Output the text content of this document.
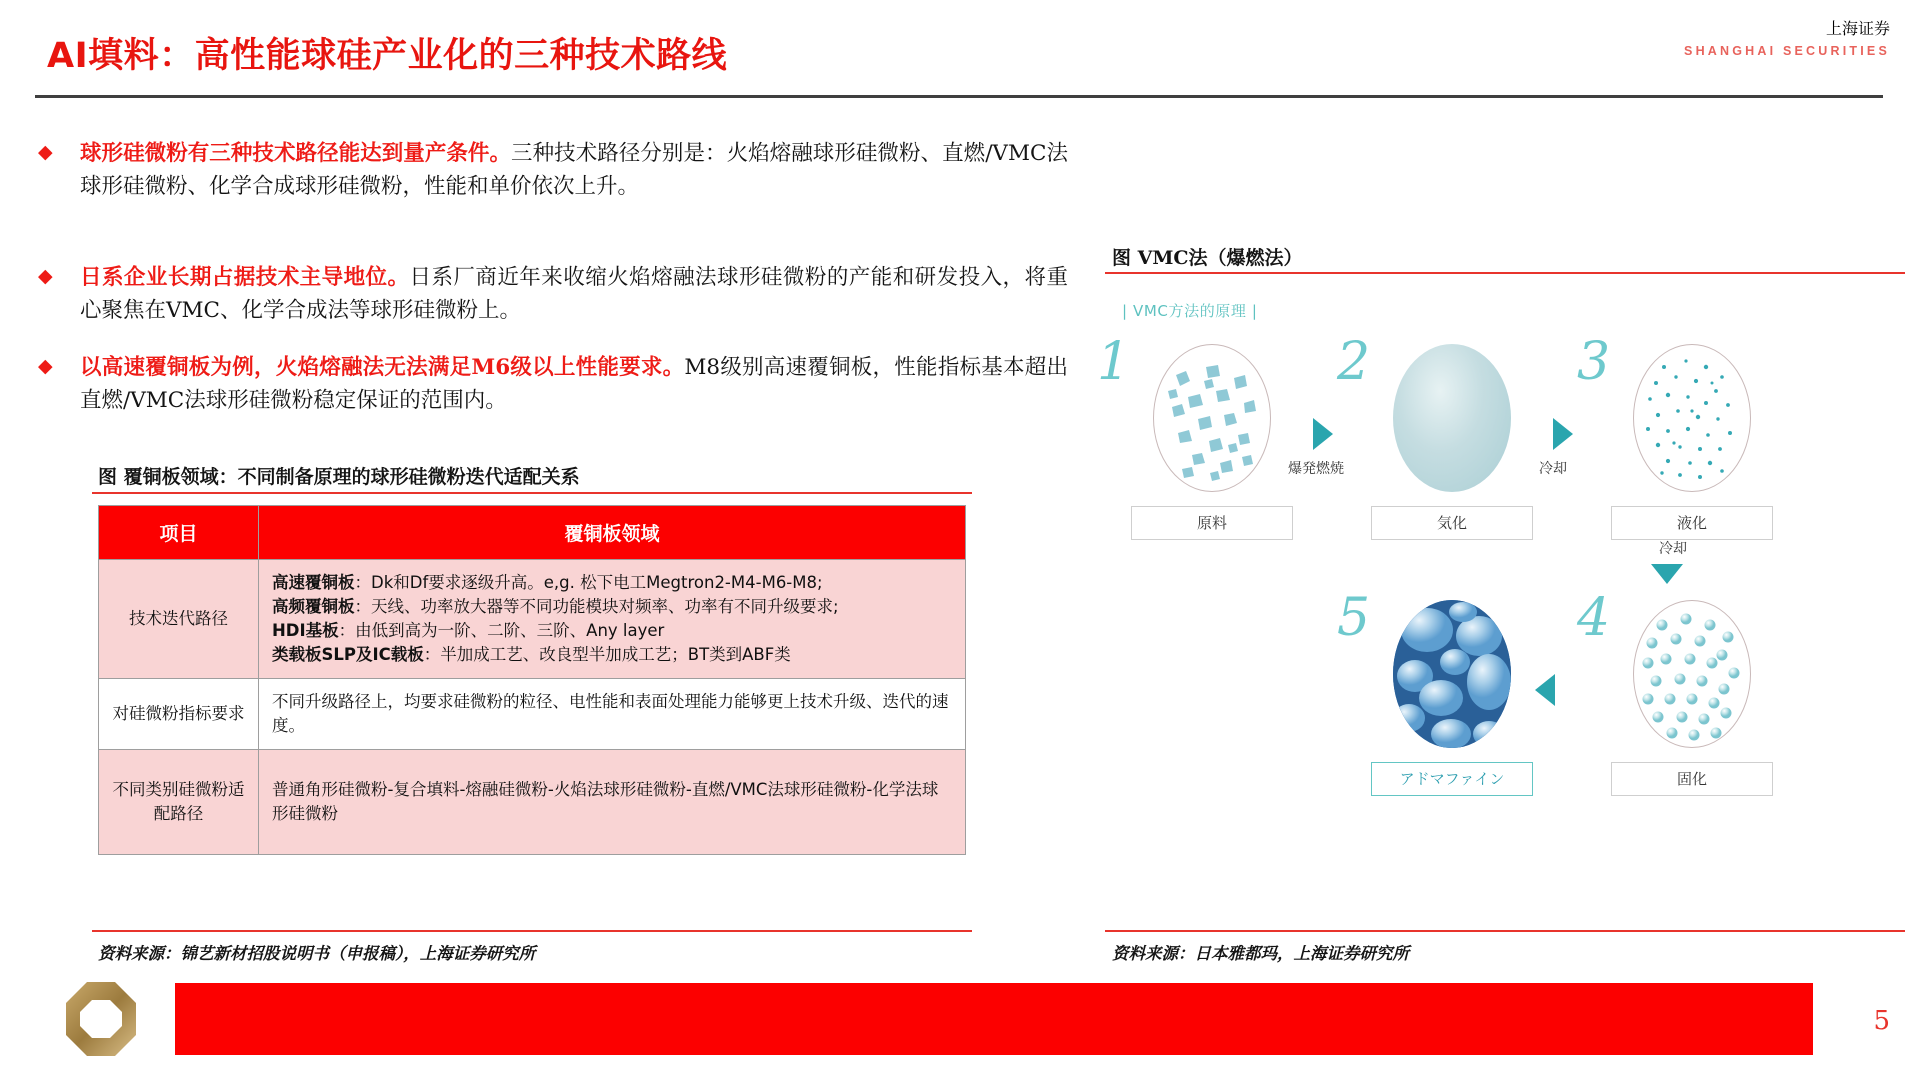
AI填料：高性能球硅产业化的三种技术路线
上海证券
SHANGHAI SECURITIES
◆	球形硅微粉有三种技术路径能达到量产条件。三种技术路径分别是：火焰熔融球形硅微粉、直燃/VMC法球形硅微粉、化学合成球形硅微粉，性能和单价依次上升。
◆	日系企业长期占据技术主导地位。日系厂商近年来收缩火焰熔融法球形硅微粉的产能和研发投入，将重心聚焦在VMC、化学合成法等球形硅微粉上。
◆	以高速覆铜板为例，火焰熔融法无法满足M6级以上性能要求。M8级别高速覆铜板，性能指标基本超出直燃/VMC法球形硅微粉稳定保证的范围内。
图 覆铜板领域：不同制备原理的球形硅微粉迭代适配关系
项目	覆铜板领域
技术迭代路径	高速覆铜板：Dk和Df要求逐级升高。e,g. 松下电工Megtron2-M4-M6-M8;
高频覆铜板：天线、功率放大器等不同功能模块对频率、功率有不同升级要求;
HDI基板：由低到高为一阶、二阶、三阶、Any layer
类载板SLP及IC载板：半加成工艺、改良型半加成工艺；BT类到ABF类

对硅微粉指标要求	不同升级路径上，均要求硅微粉的粒径、电性能和表面处理能力能够更上技术升级、迭代的速度。

不同类别硅微粉适配路径	普通角形硅微粉-复合填料-熔融硅微粉-火焰法球形硅微粉-直燃/VMC法球形硅微粉-化学法球形硅微粉
资料来源：锦艺新材招股说明书（申报稿），上海证券研究所
图 VMC法（爆燃法）
| VMC方法的原理 |
1
原料
爆発燃焼
2
気化
冷却
3
液化
冷却
4
固化
5
アドマファイン
资料来源：日本雅都玛，上海证券研究所
5
